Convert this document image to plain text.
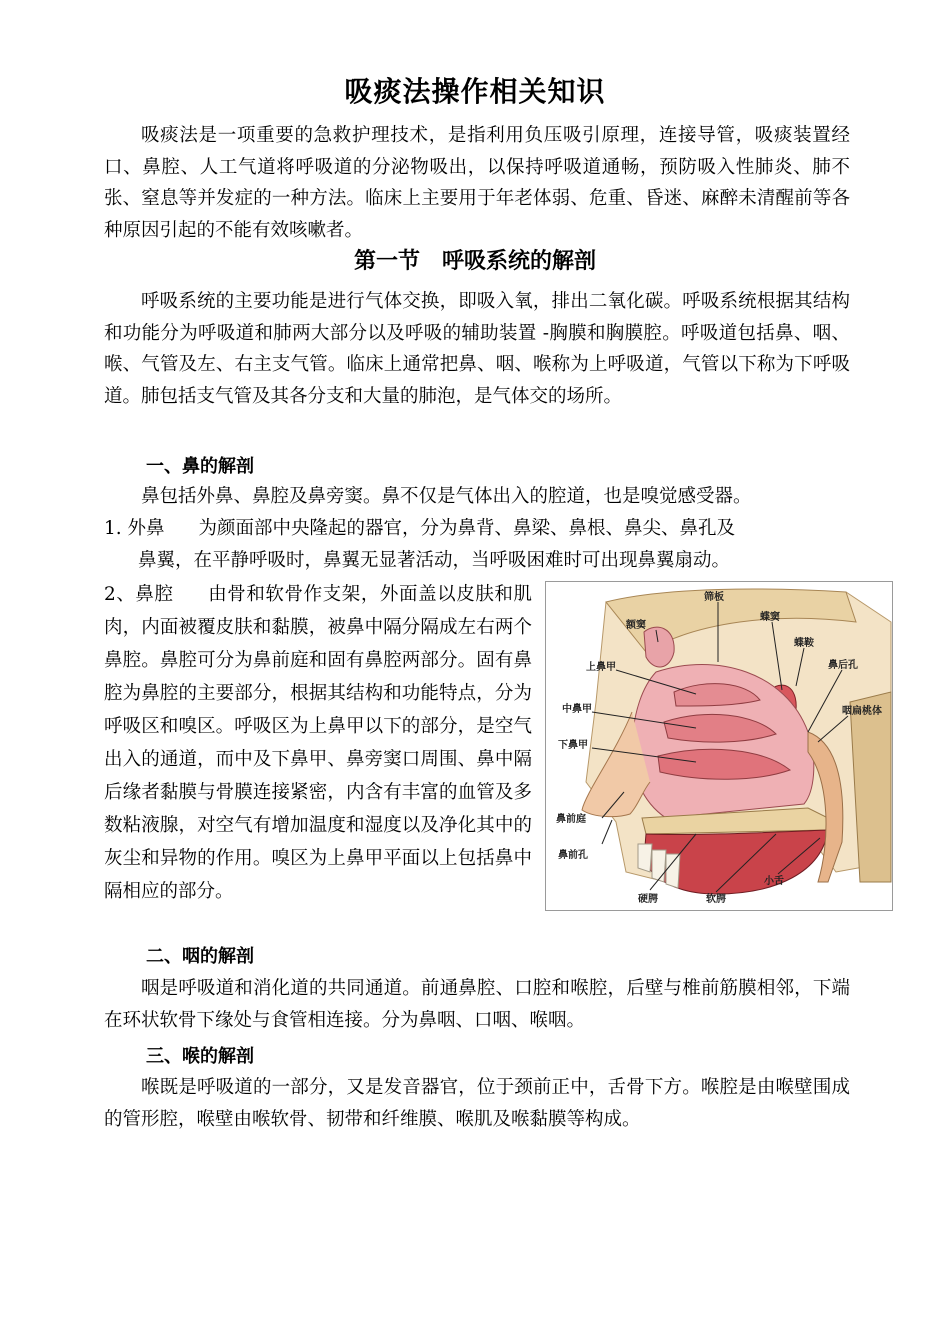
吸痰法操作相关知识

吸痰法是一项重要的急救护理技术，是指利用负压吸引原理，连接导管，吸痰装置经口、鼻腔、人工气道将呼吸道的分泌物吸出，以保持呼吸道通畅，预防吸入性肺炎、肺不张、窒息等并发症的一种方法。临床上主要用于年老体弱、危重、昏迷、麻醉未清醒前等各种原因引起的不能有效咳嗽者。

第一节　呼吸系统的解剖

呼吸系统的主要功能是进行气体交换，即吸入氧，排出二氧化碳。呼吸系统根据其结构和功能分为呼吸道和肺两大部分以及呼吸的辅助装置 -胸膜和胸膜腔。呼吸道包括鼻、咽、喉、气管及左、右主支气管。临床上通常把鼻、咽、喉称为上呼吸道，气管以下称为下呼吸道。肺包括支气管及其各分支和大量的肺泡，是气体交的场所。

一、鼻的解剖

鼻包括外鼻、鼻腔及鼻旁窦。鼻不仅是气体出入的腔道，也是嗅觉感受器。

1. 外鼻 为颜面部中央隆起的器官，分为鼻背、鼻梁、鼻根、鼻尖、鼻孔及
鼻翼，在平静呼吸时，鼻翼无显著活动，当呼吸困难时可出现鼻翼扇动。

2、鼻腔 由骨和软骨作支架，外面盖以皮肤和肌肉，内面被覆皮肤和黏膜，被鼻中隔分隔成左右两个鼻腔。鼻腔可分为鼻前庭和固有鼻腔两部分。固有鼻腔为鼻腔的主要部分，根据其结构和功能特点，分为呼吸区和嗅区。呼吸区为上鼻甲以下的部分，是空气出入的通道，而中及下鼻甲、鼻旁窦口周围、鼻中隔后缘者黏膜与骨膜连接紧密，内含有丰富的血管及多数粘液腺，对空气有增加温度和湿度以及净化其中的灰尘和异物的作用。嗅区为上鼻甲平面以上包括鼻中隔相应的部分。

筛板
额窦
蝶窦
蝶鞍
上鼻甲	鼻后孔
中鼻甲	咽扁桃体
下鼻甲
鼻前庭
鼻前孔
硬腭	软腭
小舌
二、咽的解剖

咽是呼吸道和消化道的共同通道。前通鼻腔、口腔和喉腔，后壁与椎前筋膜相邻，下端在环状软骨下缘处与食管相连接。分为鼻咽、口咽、喉咽。

三、喉的解剖

喉既是呼吸道的一部分，又是发音器官，位于颈前正中，舌骨下方。喉腔是由喉壁围成的管形腔，喉壁由喉软骨、韧带和纤维膜、喉肌及喉黏膜等构成。
